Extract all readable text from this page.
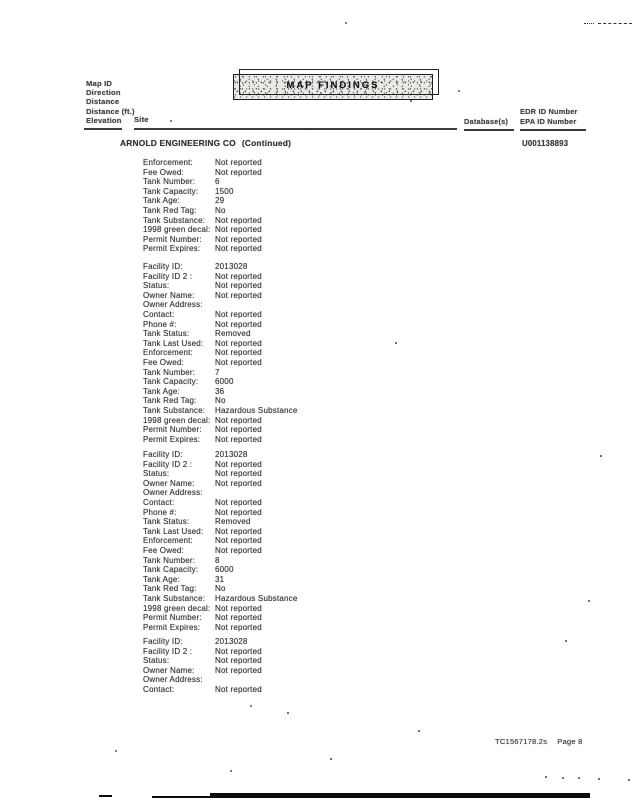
MAP FINDINGS
Map ID
Direction
Distance
Distance (ft.)
Elevation	Site	Database(s)
EDR ID Number
EPA ID Number
ARNOLD ENGINEERING CO (Continued)	U001138893
Enforcement:	Not reported
Fee Owed:	Not reported
Tank Number:	6
Tank Capacity:	1500
Tank Age:	29
Tank Red Tag:	No
Tank Substance:	Not reported
1998 green decal: Not reported
Permit Number:	Not reported
Permit Expires:	Not reported
Facility ID:	2013028
Facility ID 2 :	Not reported
Status:	Not reported
Owner Name:	Not reported
Owner Address:
Contact:	Not reported
Phone #:	Not reported
Tank Status:	Removed
Tank Last Used:	Not reported
Enforcement:	Not reported
Fee Owed:	Not reported
Tank Number:	7
Tank Capacity:	6000
Tank Age:	36
Tank Red Tag:	No
Tank Substance:	Hazardous Substance
1998 green decal: Not reported
Permit Number:	Not reported
Permit Expires:	Not reported
Facility ID:	2013028
Facility ID 2 :	Not reported
Status:	Not reported
Owner Name:	Not reported
Owner Address:
Contact:	Not reported
Phone #:	Not reported
Tank Status:	Removed
Tank Last Used:	Not reported
Enforcement:	Not reported
Fee Owed:	Not reported
Tank Number:	8
Tank Capacity:	6000
Tank Age:	31
Tank Red Tag:	No
Tank Substance:	Hazardous Substance
1998 green decal: Not reported
Permit Number:	Not reported
Permit Expires:	Not reported
Facility ID:	2013028
Facility ID 2 :	Not reported
Status:	Not reported
Owner Name:	Not reported
Owner Address:
Contact:	Not reported
TC1567178.2s Page 8
